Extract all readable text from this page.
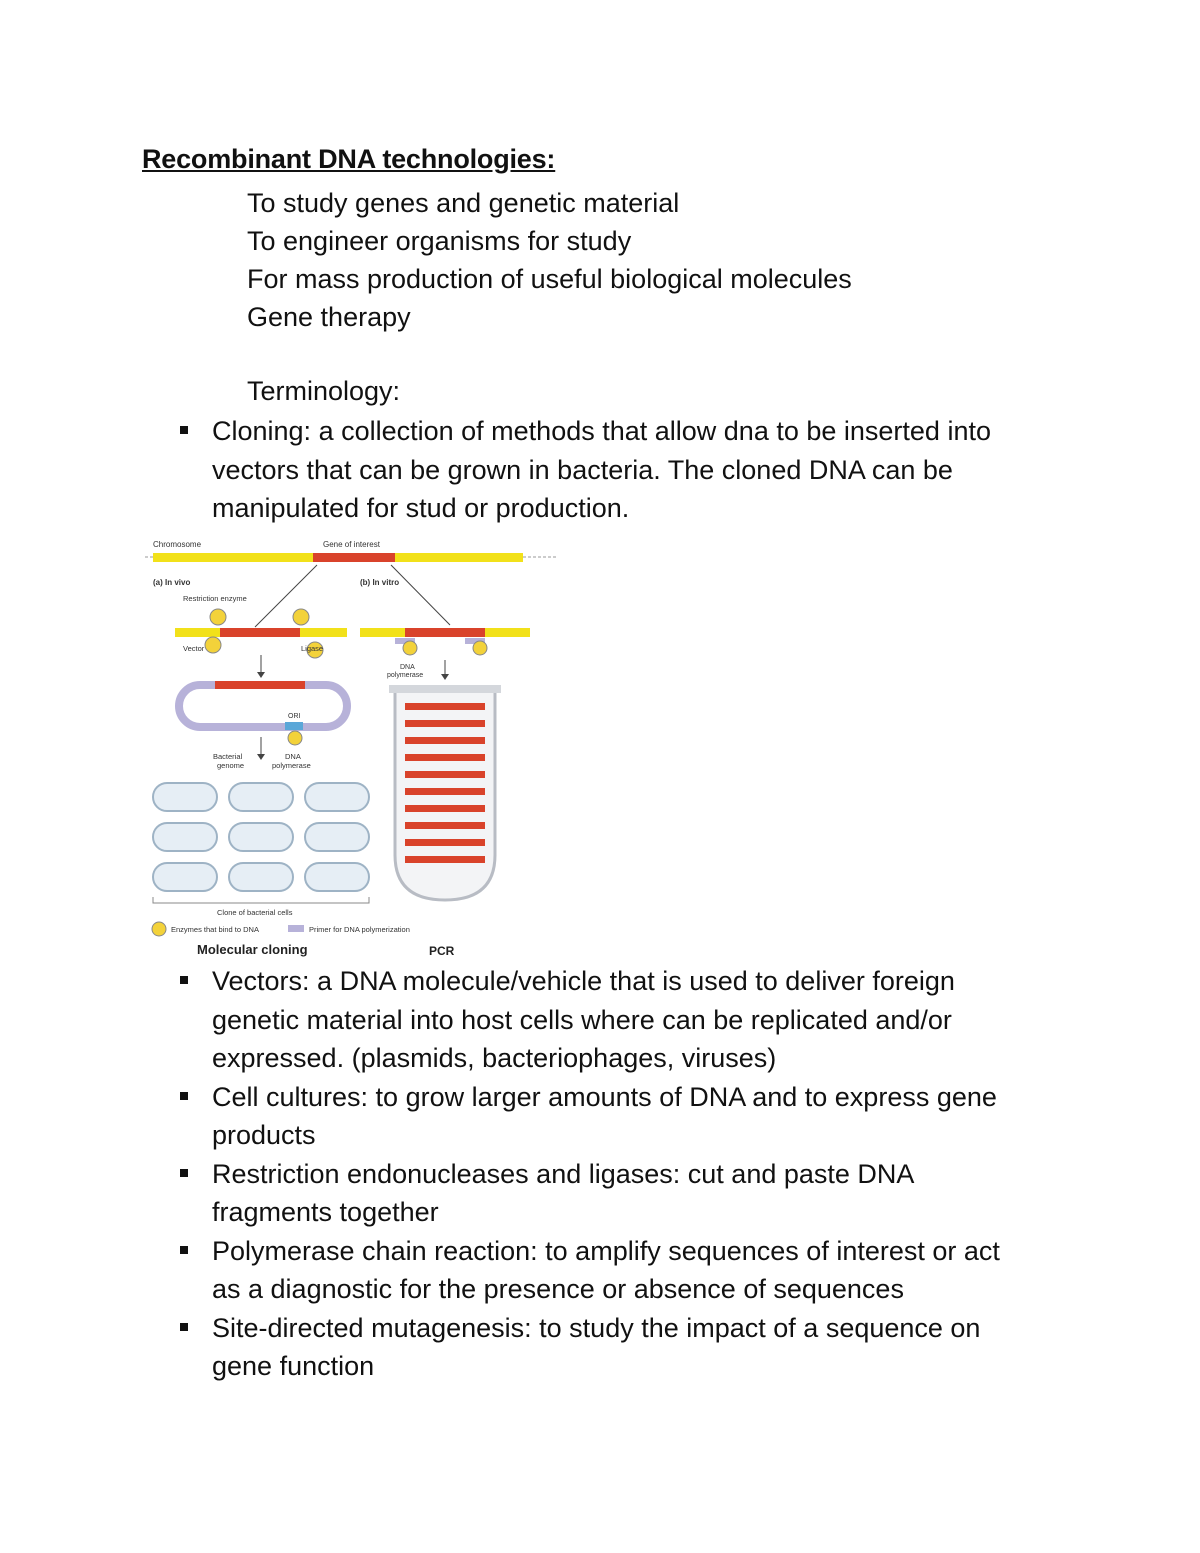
Recombinant DNA technologies:
To study genes and genetic material
To engineer organisms for study
For mass production of useful biological molecules
Gene therapy
Terminology:
Cloning: a collection of methods that allow dna to be inserted into
vectors that can be grown in bacteria. The cloned DNA can be
manipulated for stud or production.
Chromosome	Gene of interest
(a) In vivo	(b) In vitro
Restriction enzyme
Vector	Ligase
ORI
Bacterial
genome
DNA
polymerase
Clone of bacterial cells
DNA
polymerase
Enzymes that bind to DNA	Primer for DNA polymerization
Molecular cloning	PCR
Vectors: a DNA molecule/vehicle that is used to deliver foreign
genetic material into host cells where can be replicated and/or
expressed. (plasmids, bacteriophages, viruses)
Cell cultures: to grow larger amounts of DNA and to express gene
products
Restriction endonucleases and ligases: cut and paste DNA
fragments together
Polymerase chain reaction: to amplify sequences of interest or act
as a diagnostic for the presence or absence of sequences
Site-directed mutagenesis: to study the impact of a sequence on
gene function
